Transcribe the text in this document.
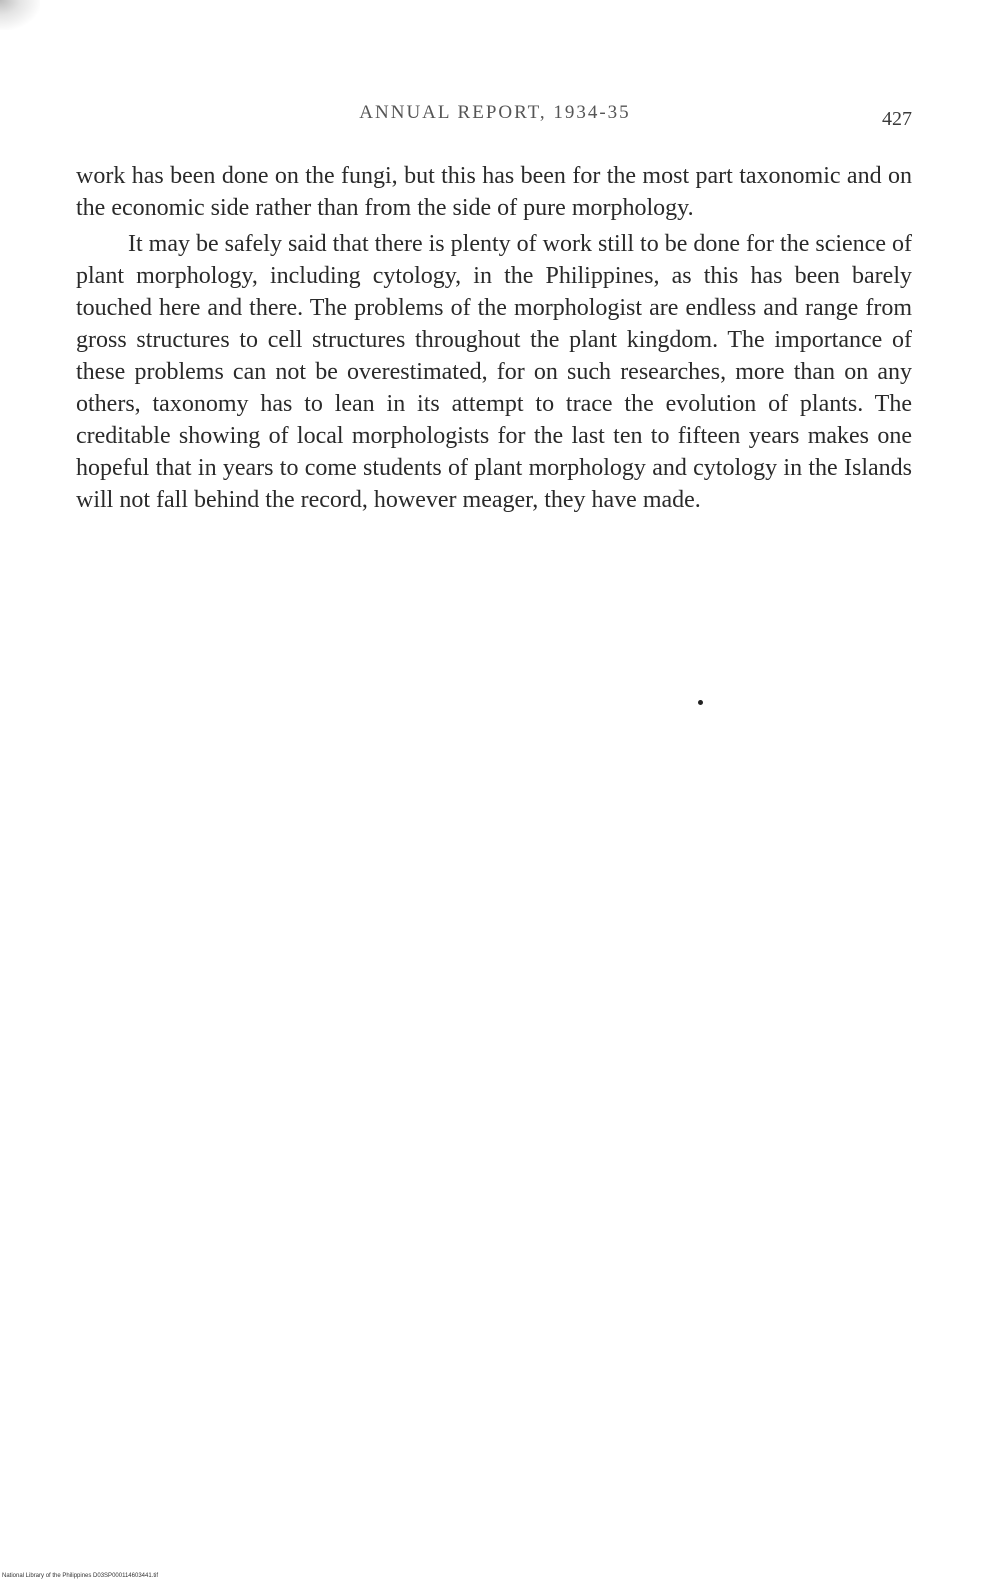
ANNUAL REPORT, 1934-35	427

work has been done on the fungi, but this has been for the most part taxonomic and on the economic side rather than from the side of pure morphology.

It may be safely said that there is plenty of work still to be done for the science of plant morphology, including cytology, in the Philippines, as this has been barely touched here and there. The problems of the morphologist are endless and range from gross structures to cell structures throughout the plant kingdom. The importance of these problems can not be overestimated, for on such researches, more than on any others, taxonomy has to lean in its attempt to trace the evolution of plants. The creditable showing of local morphologists for the last ten to fifteen years makes one hopeful that in years to come students of plant morphology and cytology in the Islands will not fall behind the record, however meager, they have made.

National Library of the Philippines D03SP000114603441.tif
